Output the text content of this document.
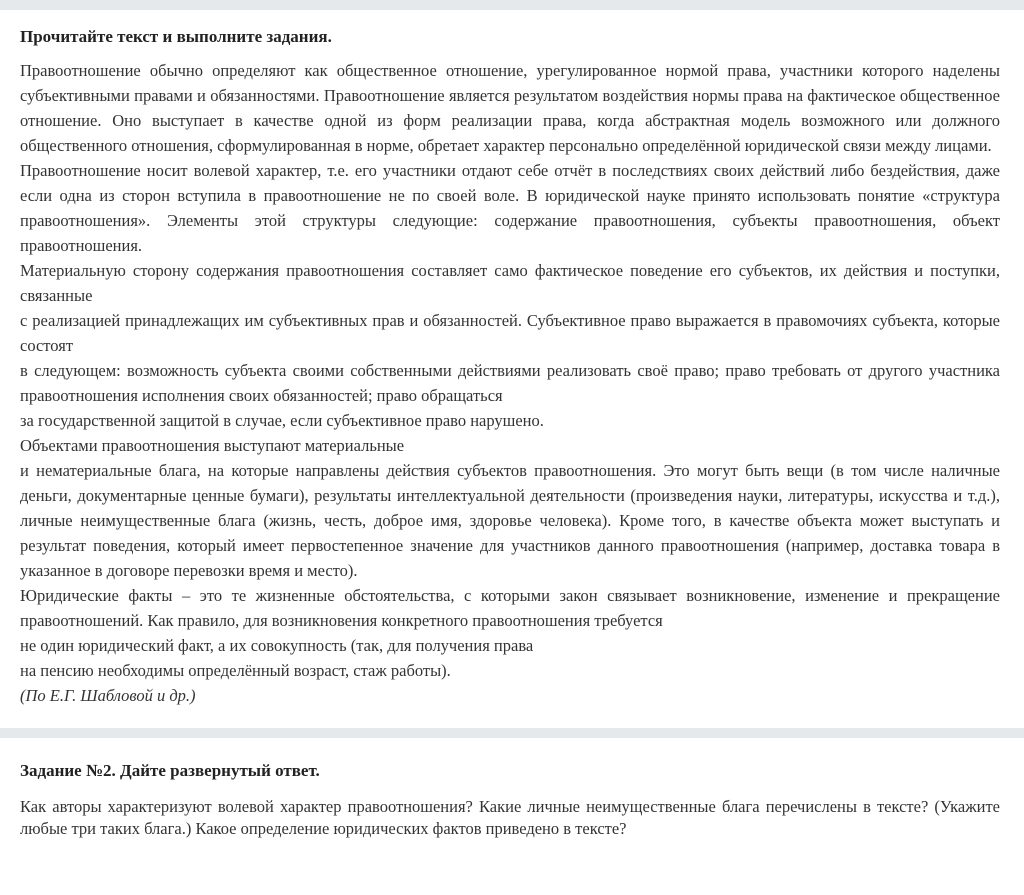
Прочитайте текст и выполните задания.

Правоотношение обычно определяют как общественное отношение, урегулированное нормой права, участники которого наделены субъективными правами и обязанностями. Правоотношение является результатом воздействия нормы права на фактическое общественное отношение. Оно выступает в качестве одной из форм реализации права, когда абстрактная модель возможного или должного общественного отношения, сформулированная в норме, обретает характер персонально определённой юридической связи между лицами.

Правоотношение носит волевой характер, т.е. его участники отдают себе отчёт в последствиях своих действий либо бездействия, даже если одна из сторон вступила в правоотношение не по своей воле. В юридической науке принято использовать понятие «структура правоотношения». Элементы этой структуры следующие: содержание правоотношения, субъекты правоотношения, объект правоотношения.

Материальную сторону содержания правоотношения составляет само фактическое поведение его субъектов, их действия и поступки, связанные

с реализацией принадлежащих им субъективных прав и обязанностей. Субъективное право выражается в правомочиях субъекта, которые состоят

в следующем: возможность субъекта своими собственными действиями реализовать своё право; право требовать от другого участника правоотношения исполнения своих обязанностей; право обращаться

за государственной защитой в случае, если субъективное право нарушено.

Объектами правоотношения выступают материальные

и нематериальные блага, на которые направлены действия субъектов правоотношения. Это могут быть вещи (в том числе наличные деньги, документарные ценные бумаги), результаты интеллектуальной деятельности (произведения науки, литературы, искусства и т.д.), личные неимущественные блага (жизнь, честь, доброе имя, здоровье человека). Кроме того, в качестве объекта может выступать и результат поведения, который имеет первостепенное значение для участников данного правоотношения (например, доставка товара в указанное в договоре перевозки время и место).

Юридические факты – это те жизненные обстоятельства, с которыми закон связывает возникновение, изменение и прекращение правоотношений. Как правило, для возникновения конкретного правоотношения требуется

не один юридический факт, а их совокупность (так, для получения права

на пенсию необходимы определённый возраст, стаж работы).

(По Е.Г. Шабловой и др.)

Задание №2. Дайте развернутый ответ.

Как авторы характеризуют волевой характер правоотношения? Какие личные неимущественные блага перечислены в тексте? (Укажите любые три таких блага.) Какое определение юридических фактов приведено в тексте?
